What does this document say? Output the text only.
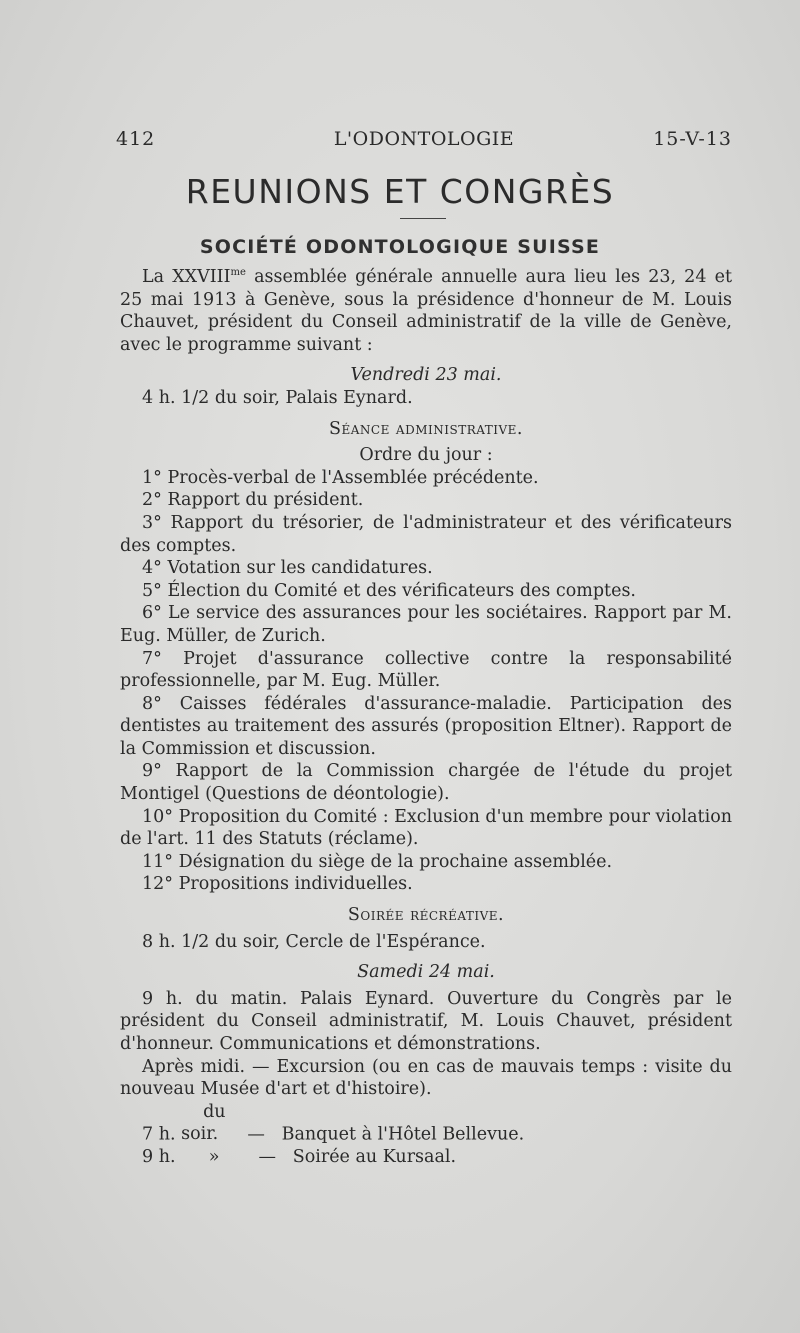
412	L'ODONTOLOGIE	15-V-13
REUNIONS ET CONGRÈS
SOCIÉTÉ ODONTOLOGIQUE SUISSE

La $XXVIII^{me}$ assemblée générale annuelle aura lieu les 23, 24 et 25 mai 1913 à Genève, sous la présidence d'honneur de M. Louis Chauvet, président du Conseil administratif de la ville de Genève, avec le programme suivant :

Vendredi 23 mai.

4 h. 1/2 du soir, Palais Eynard.

Séance administrative.

Ordre du jour :

1° Procès-verbal de l'Assemblée précédente.

2° Rapport du président.

3° Rapport du trésorier, de l'administrateur et des vérificateurs des comptes.

4° Votation sur les candidatures.

5° Élection du Comité et des vérificateurs des comptes.

6° Le service des assurances pour les sociétaires. Rapport par M. Eug. Müller, de Zurich.

7° Projet d'assurance collective contre la responsabilité professionnelle, par M. Eug. Müller.

8° Caisses fédérales d'assurance-maladie. Participation des dentistes au traitement des assurés (proposition Eltner). Rapport de la Commission et discussion.

9° Rapport de la Commission chargée de l'étude du projet Montigel (Questions de déontologie).

10° Proposition du Comité : Exclusion d'un membre pour violation de l'art. 11 des Statuts (réclame).

11° Désignation du siège de la prochaine assemblée.

12° Propositions individuelles.

Soirée récréative.

8 h. 1/2 du soir, Cercle de l'Espérance.

Samedi 24 mai.

9 h. du matin. Palais Eynard. Ouverture du Congrès par le président du Conseil administratif, M. Louis Chauvet, président d'honneur. Communications et démonstrations.

Après midi. — Excursion (ou en cas de mauvais temps : visite du nouveau Musée d'art et d'histoire).

7 h. du soir. — Banquet à l'Hôtel Bellevue.

9 h. » — Soirée au Kursaal.
